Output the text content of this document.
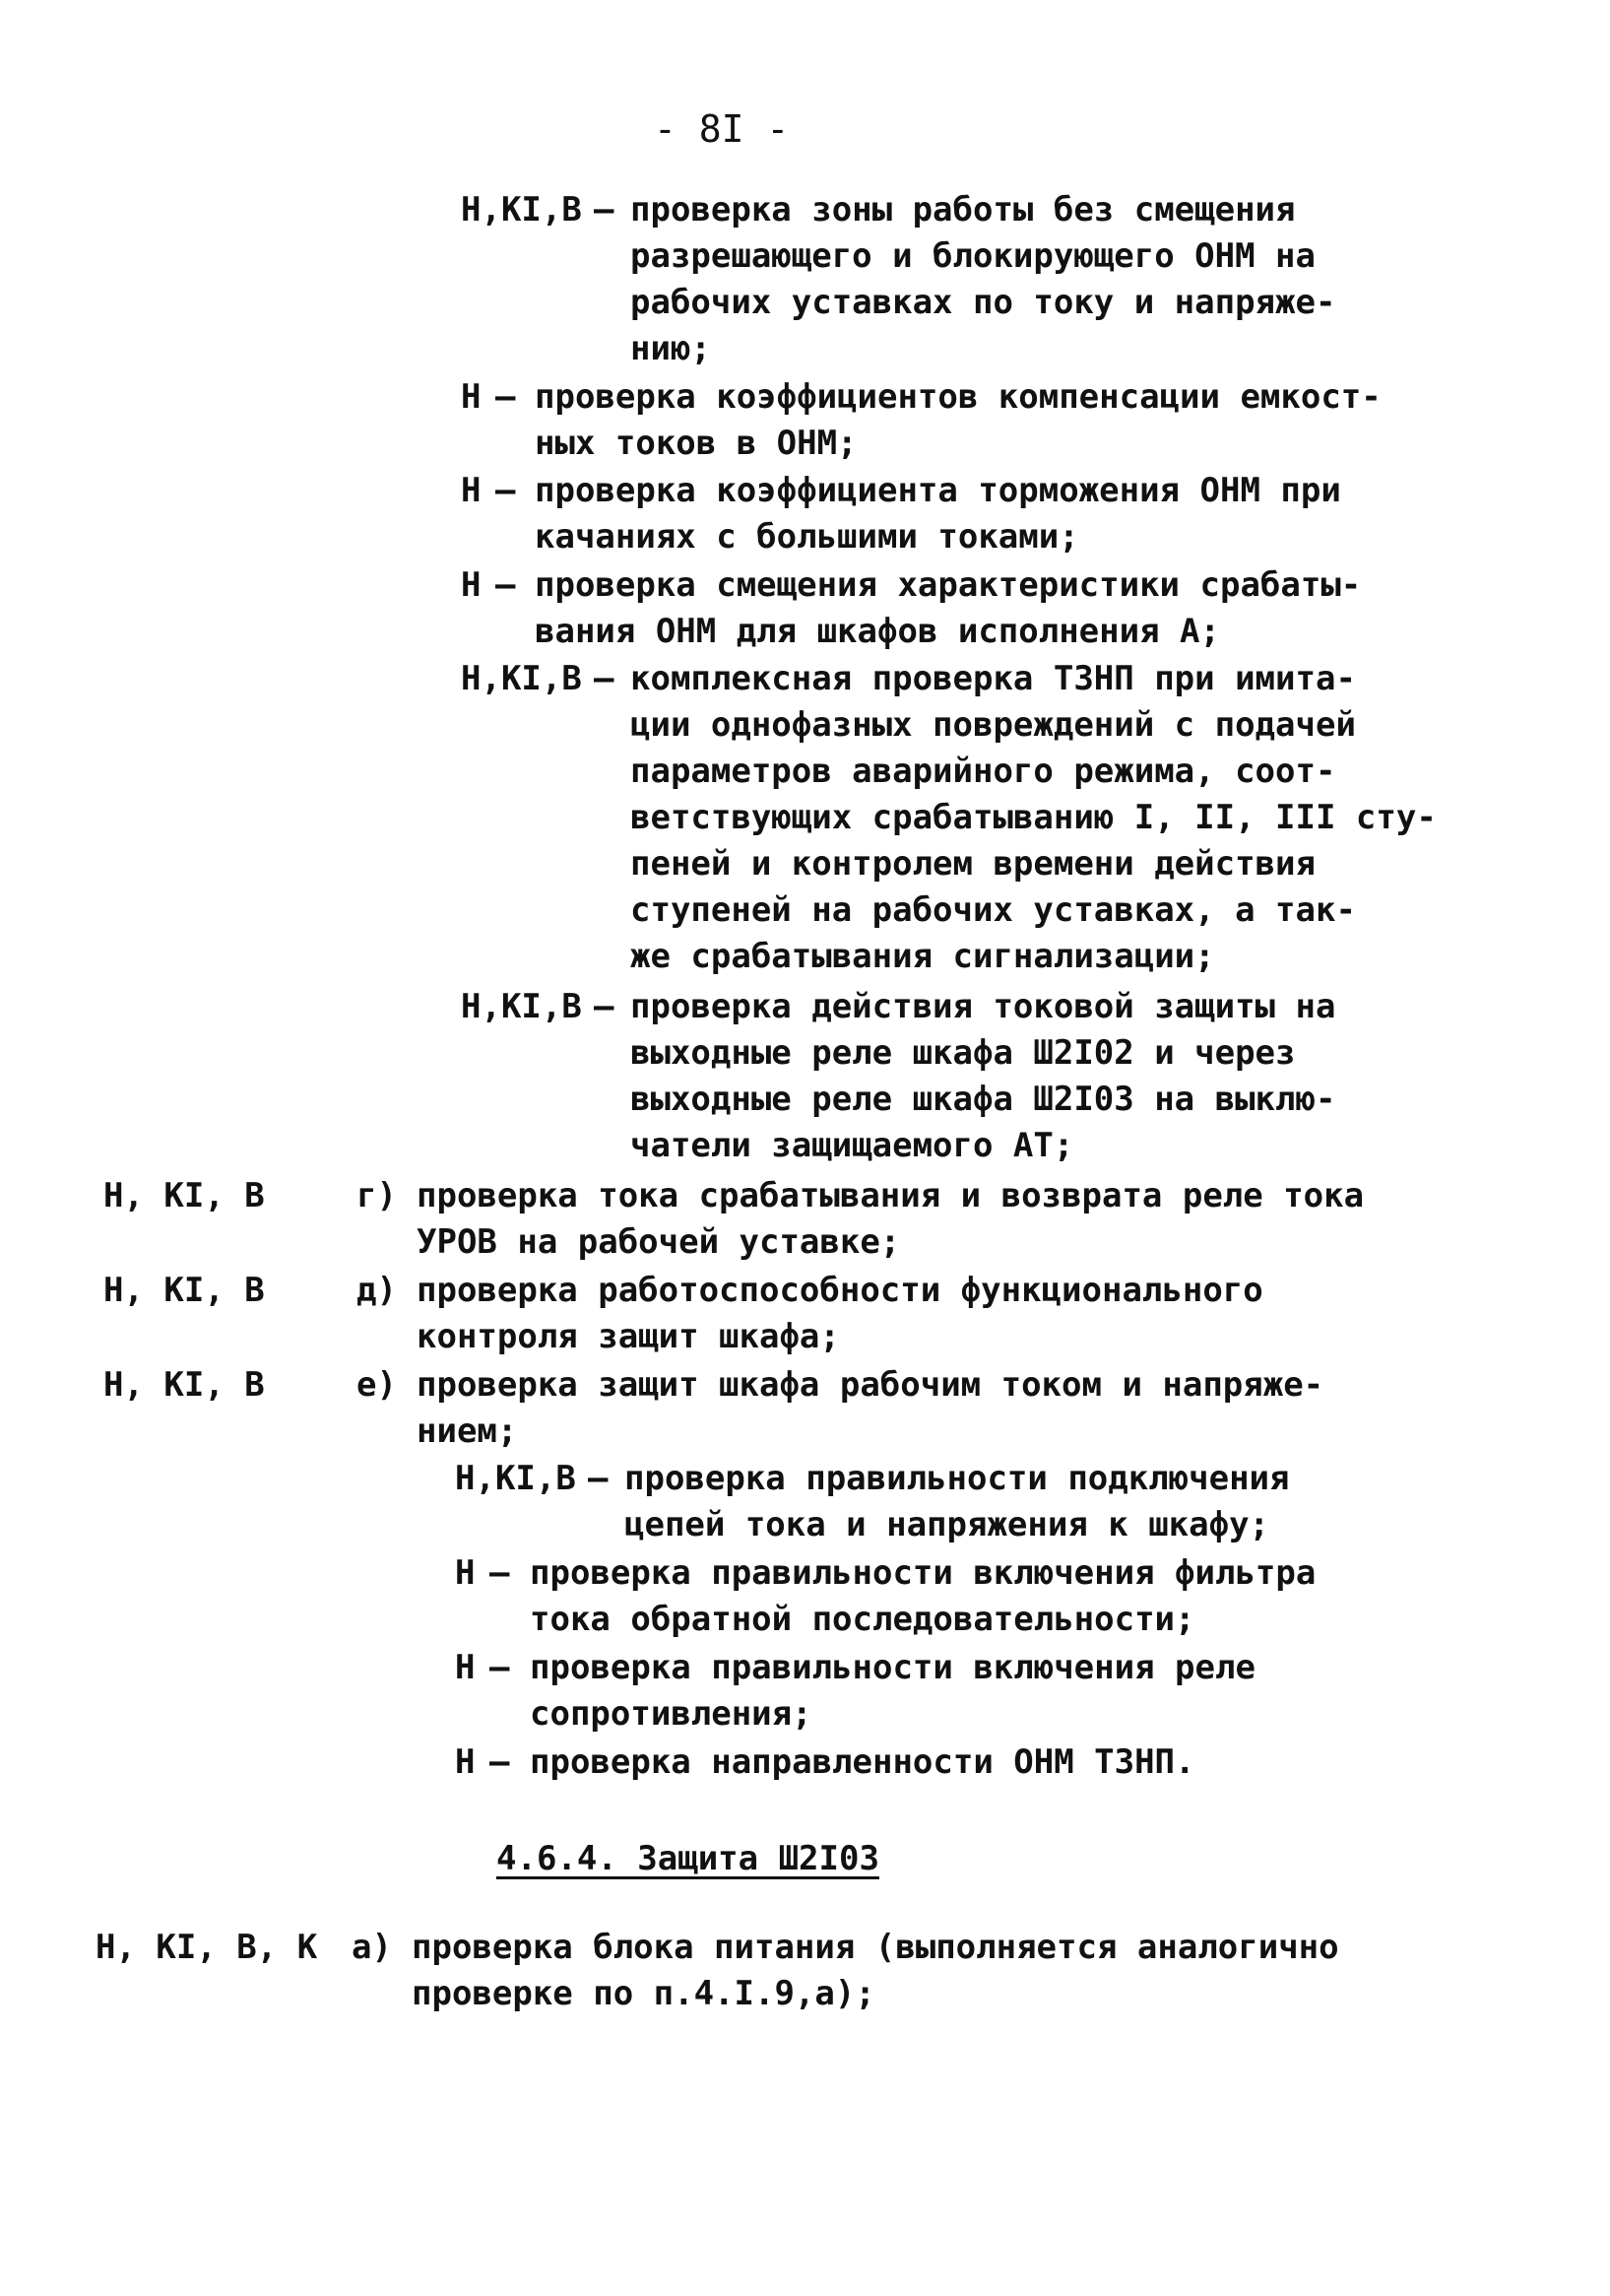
- 8I -
Н,КI,В – проверка зоны работы без смещения
разрешающего и блокирующего ОНМ на
рабочих уставках по току и напряже-
нию;
Н – проверка коэффициентов компенсации емкост-
ных токов в ОНМ;
Н – проверка коэффициента торможения ОНМ при
качаниях с большими токами;
Н – проверка смещения характеристики срабаты-
вания ОНМ для шкафов исполнения А;
Н,КI,В – комплексная проверка ТЗНП при имита-
ции однофазных повреждений с подачей
параметров аварийного режима, соот-
ветствующих срабатыванию I, II, III сту-
пеней и контролем времени действия
ступеней на рабочих уставках, а так-
же срабатывания сигнализации;
Н,КI,В – проверка действия токовой защиты на
выходные реле шкафа Ш2I02 и через
выходные реле шкафа Ш2I03 на выклю-
чатели защищаемого АТ;
Н, КI, В	г) проверка тока срабатывания и возврата реле тока
УРОВ на рабочей уставке;
Н, КI, В	д) проверка работоспособности функционального
контроля защит шкафа;
Н, КI, В	е) проверка защит шкафа рабочим током и напряже-
нием;
Н,КI,В – проверка правильности подключения
цепей тока и напряжения к шкафу;
Н – проверка правильности включения фильтра
тока обратной последовательности;
Н – проверка правильности включения реле
сопротивления;
Н – проверка направленности ОНМ ТЗНП.
4.6.4. Защита Ш2I03
Н, КI, В, К а) проверка блока питания (выполняется аналогично
проверке по п.4.I.9,а);
